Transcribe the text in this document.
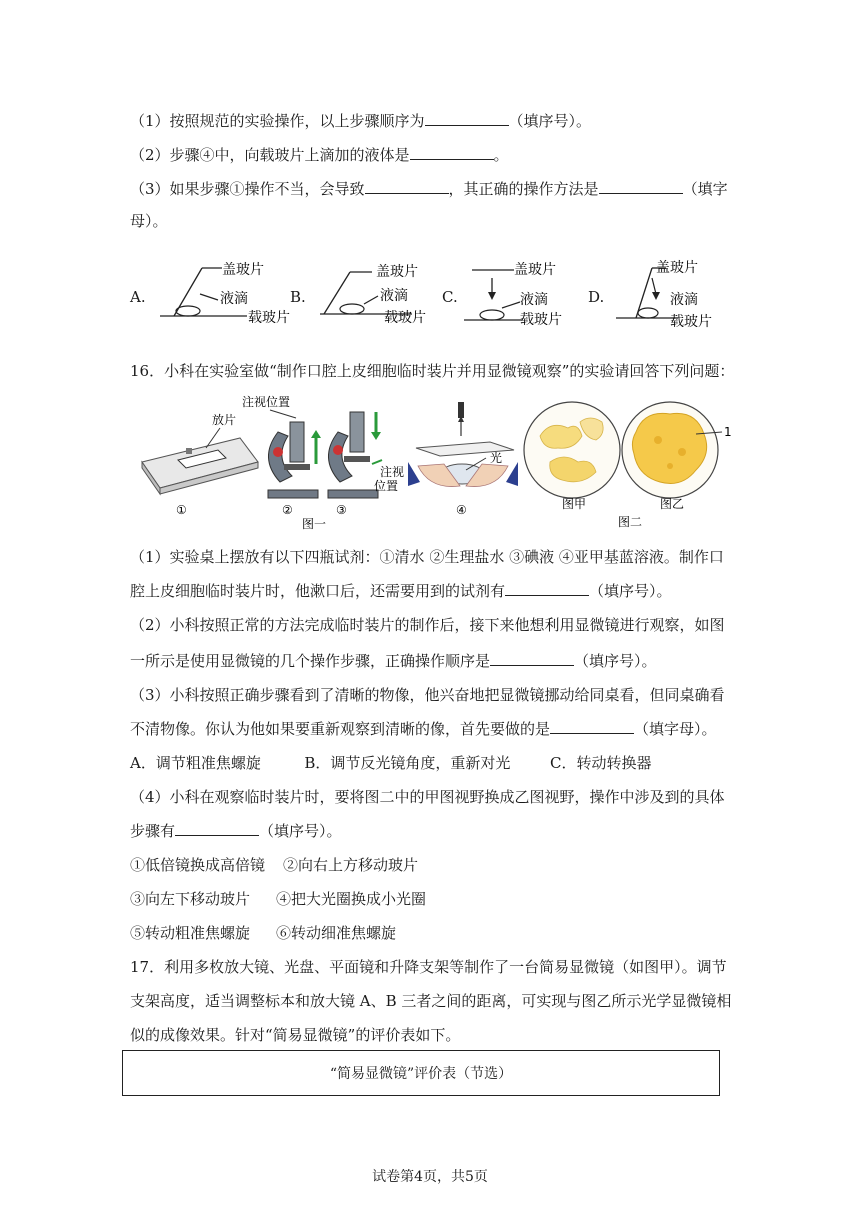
（1）按照规范的实验操作，以上步骤顺序为	（填序号）。
（2）步骤④中，向载玻片上滴加的液体是	。
（3）如果步骤①操作不当，会导致	，其正确的操作方法是	（填字
母）。
A.
盖玻片
液滴
载玻片
B.
盖玻片
液滴
载玻片
C.
盖玻片
液滴
载玻片
D.
盖玻片
液滴
载玻片
16．小科在实验室做“制作口腔上皮细胞临时装片并用显微镜观察”的实验请回答下列问题：
放片
①
注视位置
②
注视
位置
③
图一
光
④	图甲
1
图乙
图二
（1）实验桌上摆放有以下四瓶试剂：①清水 ②生理盐水 ③碘液 ④亚甲基蓝溶液。制作口
腔上皮细胞临时装片时，他漱口后，还需要用到的试剂有	（填序号）。
（2）小科按照正常的方法完成临时装片的制作后，接下来他想利用显微镜进行观察，如图
一所示是使用显微镜的几个操作步骤，正确操作顺序是	（填序号）。
（3）小科按照正确步骤看到了清晰的物像，他兴奋地把显微镜挪动给同桌看，但同桌确看
不清物像。你认为他如果要重新观察到清晰的像，首先要做的是	（填字母）。
A．调节粗准焦螺旋	B．调节反光镜角度，重新对光	C．转动转换器
（4）小科在观察临时装片时，要将图二中的甲图视野换成乙图视野，操作中涉及到的具体
步骤有	（填序号）。
①低倍镜换成高倍镜 ②向右上方移动玻片
③向左下移动玻片 ④把大光圈换成小光圈
⑤转动粗准焦螺旋 ⑥转动细准焦螺旋
17．利用多枚放大镜、光盘、平面镜和升降支架等制作了一台简易显微镜（如图甲）。调节
支架高度，适当调整标本和放大镜 A、B 三者之间的距离，可实现与图乙所示光学显微镜相
似的成像效果。针对“简易显微镜”的评价表如下。
“简易显微镜”评价表（节选）
试卷第4页，共5页
